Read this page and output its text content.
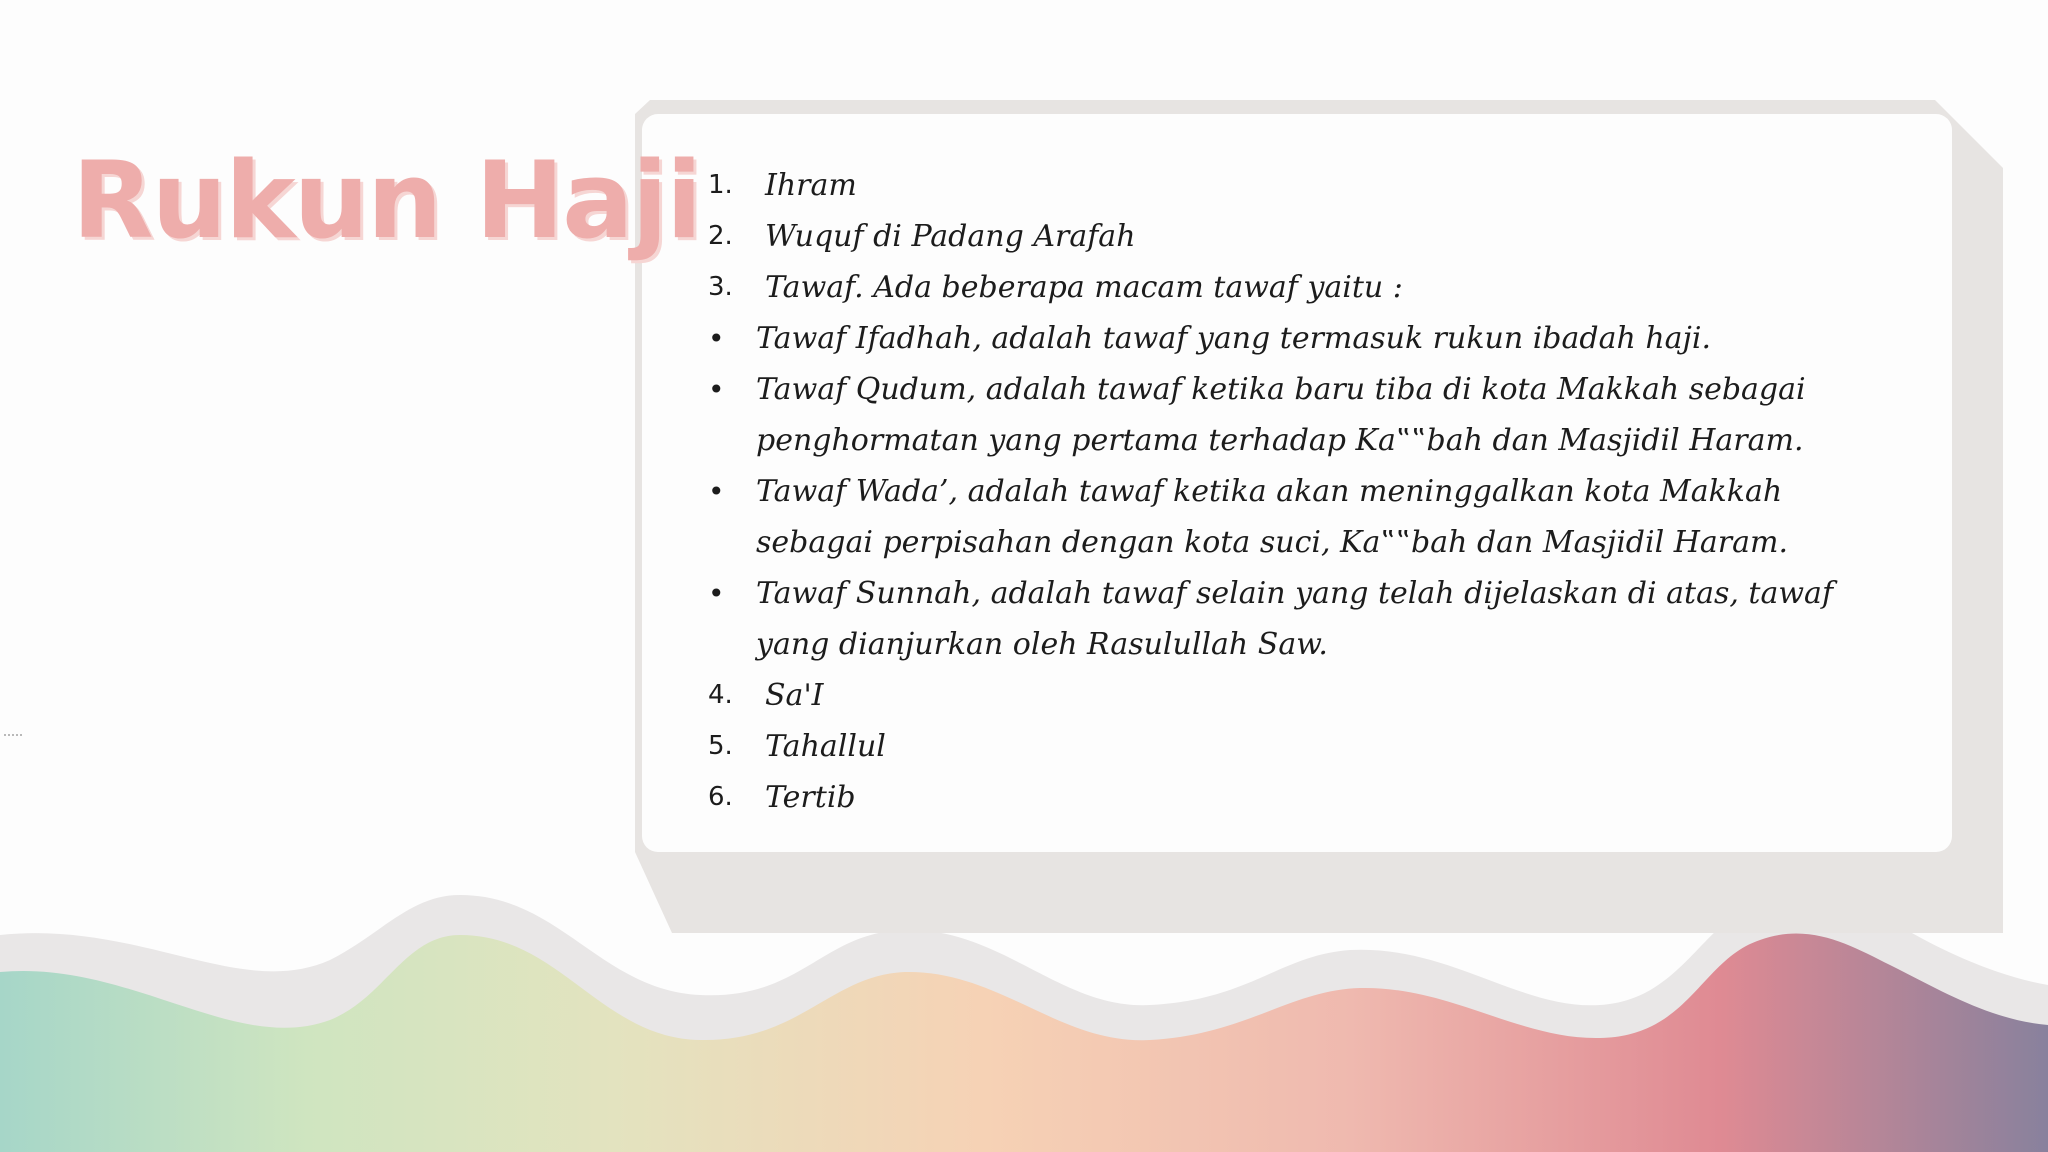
Rukun Haji 1. Ihram
2. Wuquf di Padang Arafah
3. Tawaf. Ada beberapa macam tawaf yaitu :
• Tawaf Ifadhah, adalah tawaf yang termasuk rukun ibadah haji.
• Tawaf Qudum, adalah tawaf ketika baru tiba di kota Makkah sebagai penghormatan yang pertama terhadap Ka‟‟bah dan Masjidil Haram.
• Tawaf Wada’, adalah tawaf ketika akan meninggalkan kota Makkah sebagai perpisahan dengan kota suci, Ka‟‟bah dan Masjidil Haram.
• Tawaf Sunnah, adalah tawaf selain yang telah dijelaskan di atas, tawaf yang dianjurkan oleh Rasulullah Saw.
4. Sa'I
5. Tahallul
6. Tertib
